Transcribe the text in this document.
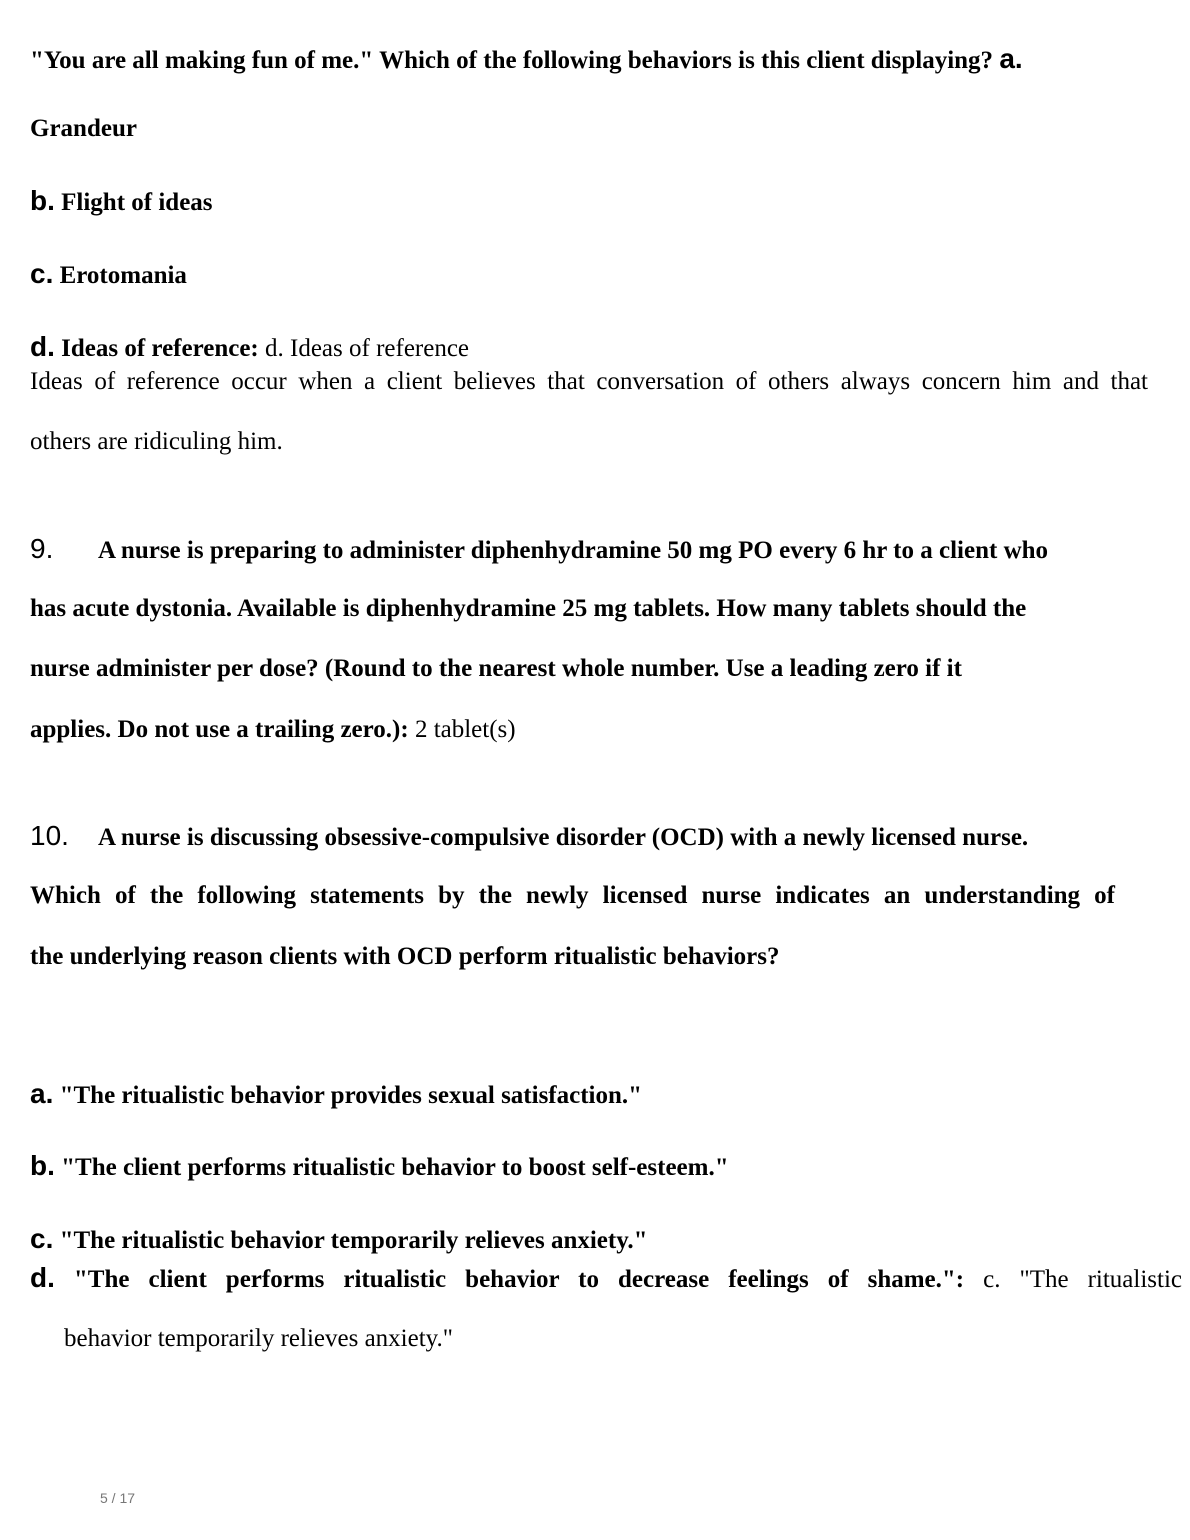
"You are all making fun of me." Which of the following behaviors is this client displaying? a.
Grandeur
b. Flight of ideas
c. Erotomania
d. Ideas of reference: d. Ideas of reference
Ideas of reference occur when a client believes that conversation of others always concern him and that
others are ridiculing him.
9. A nurse is preparing to administer diphenhydramine 50 mg PO every 6 hr to a client who
has acute dystonia. Available is diphenhydramine 25 mg tablets. How many tablets should the
nurse administer per dose? (Round to the nearest whole number. Use a leading zero if it
applies. Do not use a trailing zero.): 2 tablet(s)
10. A nurse is discussing obsessive-compulsive disorder (OCD) with a newly licensed nurse.
Which of the following statements by the newly licensed nurse indicates an understanding of
the underlying reason clients with OCD perform ritualistic behaviors?
a. "The ritualistic behavior provides sexual satisfaction."
b. "The client performs ritualistic behavior to boost self-esteem."
c. "The ritualistic behavior temporarily relieves anxiety."
d. "The client performs ritualistic behavior to decrease feelings of shame.": c. "The ritualistic
behavior temporarily relieves anxiety."
5 / 17
